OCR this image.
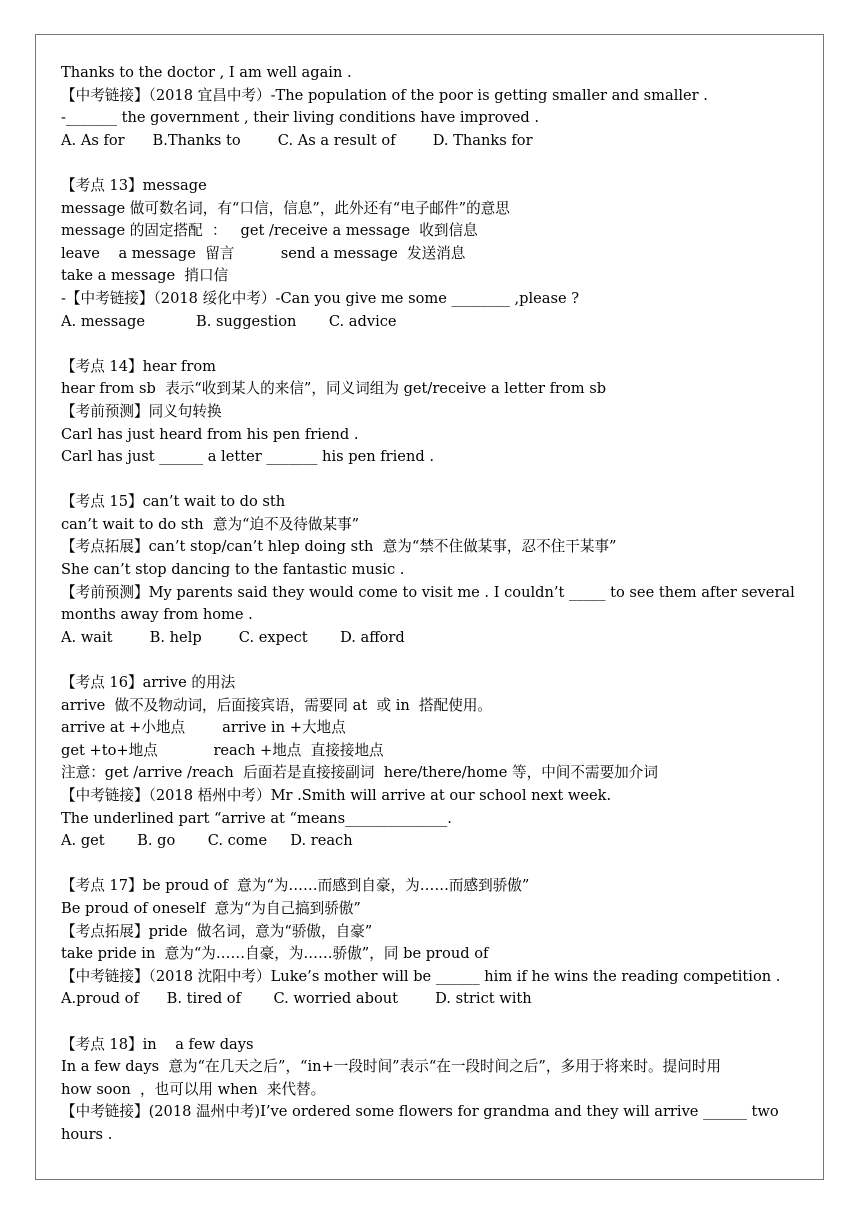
Thanks to the doctor , I am well again .
【中考链接】（2018 宜昌中考）-The population of the poor is getting smaller and smaller .
-_______ the government , their living conditions have improved .
A. As for      B.Thanks to        C. As a result of        D. Thanks for
【考点 13】message
message 做可数名词，有“口信，信息”，此外还有“电子邮件”的意思
message 的固定搭配  ：   get /receive a message  收到信息
leave    a message  留言          send a message  发送消息
take a message  捎口信
-【中考链接】（2018 绥化中考）-Can you give me some ________ ,please ?
A. message           B. suggestion       C. advice
【考点 14】hear from
hear from sb  表示“收到某人的来信”，同义词组为 get/receive a letter from sb
【考前预测】同义句转换
Carl has just heard from his pen friend .
Carl has just ______ a letter _______ his pen friend .
【考点 15】can’t wait to do sth
can’t wait to do sth  意为“迫不及待做某事”
【考点拓展】can’t stop/can’t hlep doing sth  意为“禁不住做某事，忍不住干某事”
She can’t stop dancing to the fantastic music .
【考前预测】My parents said they would come to visit me . I couldn’t _____ to see them after several
months away from home .
A. wait        B. help        C. expect       D. afford
【考点 16】arrive 的用法
arrive  做不及物动词，后面接宾语，需要同 at  或 in  搭配使用。
arrive at +小地点        arrive in +大地点
get +to+地点            reach +地点  直接接地点
注意：get /arrive /reach  后面若是直接接副词  here/there/home 等，中间不需要加介词
【中考链接】（2018 梧州中考）Mr .Smith will arrive at our school next week.
The underlined part “arrive at “means______________.
A. get       B. go       C. come     D. reach
【考点 17】be proud of  意为“为……而感到自豪，为……而感到骄傲”
Be proud of oneself  意为“为自己搞到骄傲”
【考点拓展】pride  做名词，意为“骄傲，自豪”
take pride in  意为“为……自豪，为……骄傲”，同 be proud of
【中考链接】（2018 沈阳中考）Luke’s mother will be ______ him if he wins the reading competition .
A.proud of      B. tired of       C. worried about        D. strict with
【考点 18】in    a few days
In a few days  意为“在几天之后”，“in+一段时间”表示“在一段时间之后”，多用于将来时。提问时用
how soon  ，也可以用 when  来代替。
【中考链接】(2018 温州中考)I’ve ordered some flowers for grandma and they will arrive ______ two
hours .
